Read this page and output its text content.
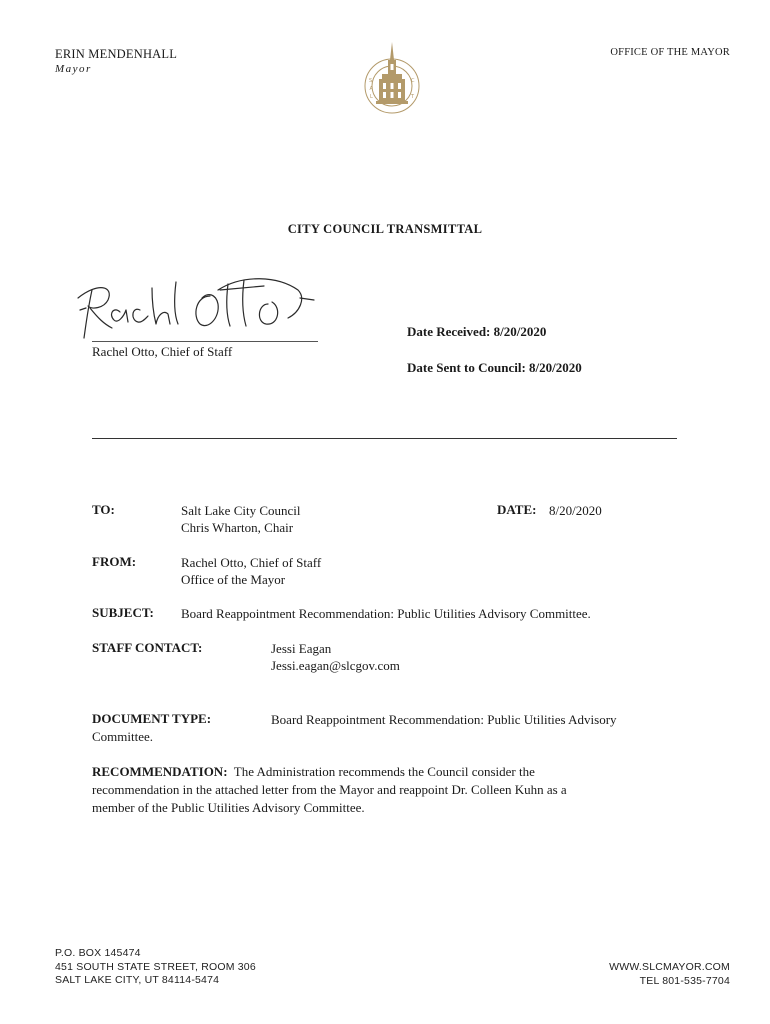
ERIN MENDENHALL
Mayor
OFFICE OF THE MAYOR
S
A
L
C
I
T
CITY COUNCIL TRANSMITTAL
Rachel Otto, Chief of Staff
Date Received: 8/20/2020
Date Sent to Council: 8/20/2020
TO:	Salt Lake City Council
Chris Wharton, Chair
DATE: 8/20/2020
FROM:	Rachel Otto, Chief of Staff
Office of the Mayor
SUBJECT: Board Reappointment Recommendation: Public Utilities Advisory Committee.
STAFF CONTACT:	Jessi Eagan
Jessi.eagan@slcgov.com
DOCUMENT TYPE:	Board Reappointment Recommendation: Public Utilities Advisory
Committee.
RECOMMENDATION: The Administration recommends the Council consider the
recommendation in the attached letter from the Mayor and reappoint Dr. Colleen Kuhn as a
member of the Public Utilities Advisory Committee.
P.O. BOX 145474
451 SOUTH STATE STREET, ROOM 306
SALT LAKE CITY, UT 84114-5474
WWW.SLCMAYOR.COM
TEL 801-535-7704
